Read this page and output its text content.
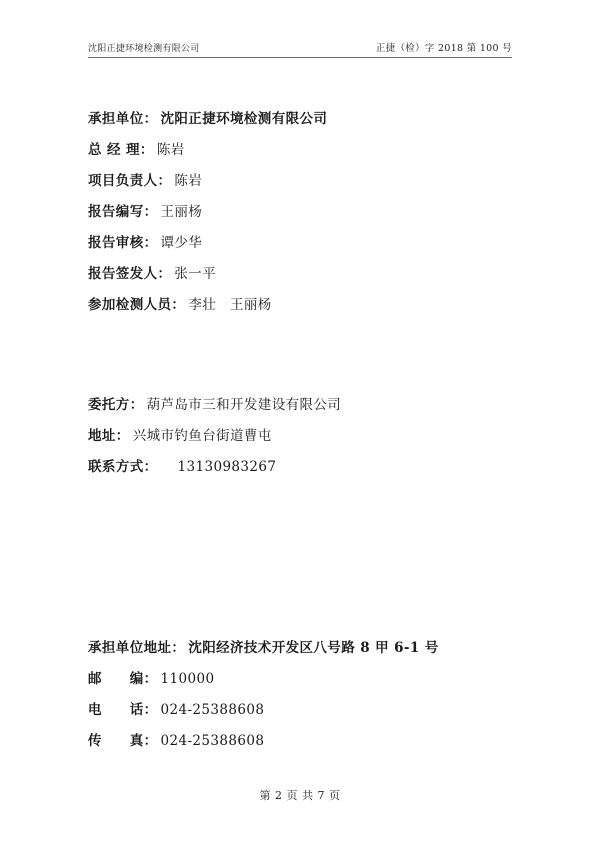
沈阳正捷环境检测有限公司	正捷（检）字 2018 第 100 号
承担单位： 沈阳正捷环境检测有限公司
总 经 理： 陈岩
项目负责人： 陈岩
报告编写： 王丽杨
报告审核： 谭少华
报告签发人： 张一平
参加检测人员： 李壮　王丽杨
委托方： 葫芦岛市三和开发建设有限公司
地址： 兴城市钓鱼台街道曹屯
联系方式：	13130983267
承担单位地址： 沈阳经济技术开发区八号路 8 甲 6-1 号
邮　　编： 110000
电　　话： 024-25388608
传　　真： 024-25388608
第 2 页 共 7 页
